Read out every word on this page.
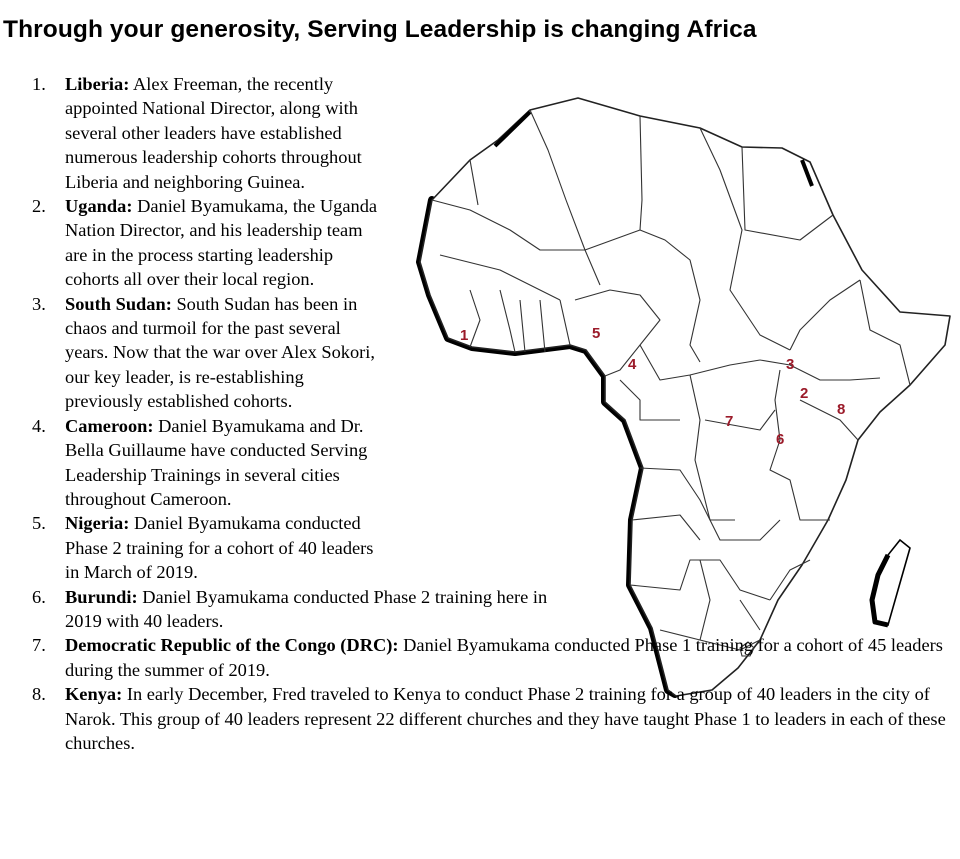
Through your generosity, Serving Leadership is changing Africa
1
2
3
4
5
6
7
8
1. Liberia: Alex Freeman, the recently appointed National Director, along with several other leaders have established numerous leadership cohorts throughout Liberia and neighboring Guinea.
2. Uganda: Daniel Byamukama, the Uganda Nation Director, and his leadership team are in the process starting leadership cohorts all over their local region.
3. South Sudan: South Sudan has been in chaos and turmoil for the past several years. Now that the war over Alex Sokori, our key leader, is re-establishing previously established cohorts.
4. Cameroon: Daniel Byamukama and Dr. Bella Guillaume have conducted Serving Leadership Trainings in several cities throughout Cameroon.
5. Nigeria: Daniel Byamukama conducted Phase 2 training for a cohort of 40 leaders in March of 2019.
6. Burundi: Daniel Byamukama conducted Phase 2 training here in 2019 with 40 leaders.
7. Democratic Republic of the Congo (DRC): Daniel Byamukama conducted Phase 1 training for a cohort of 45 leaders during the summer of 2019.
8. Kenya: In early December, Fred traveled to Kenya to conduct Phase 2 training for a group of 40 leaders in the city of Narok. This group of 40 leaders represent 22 different churches and they have taught Phase 1 to leaders in each of these churches.
